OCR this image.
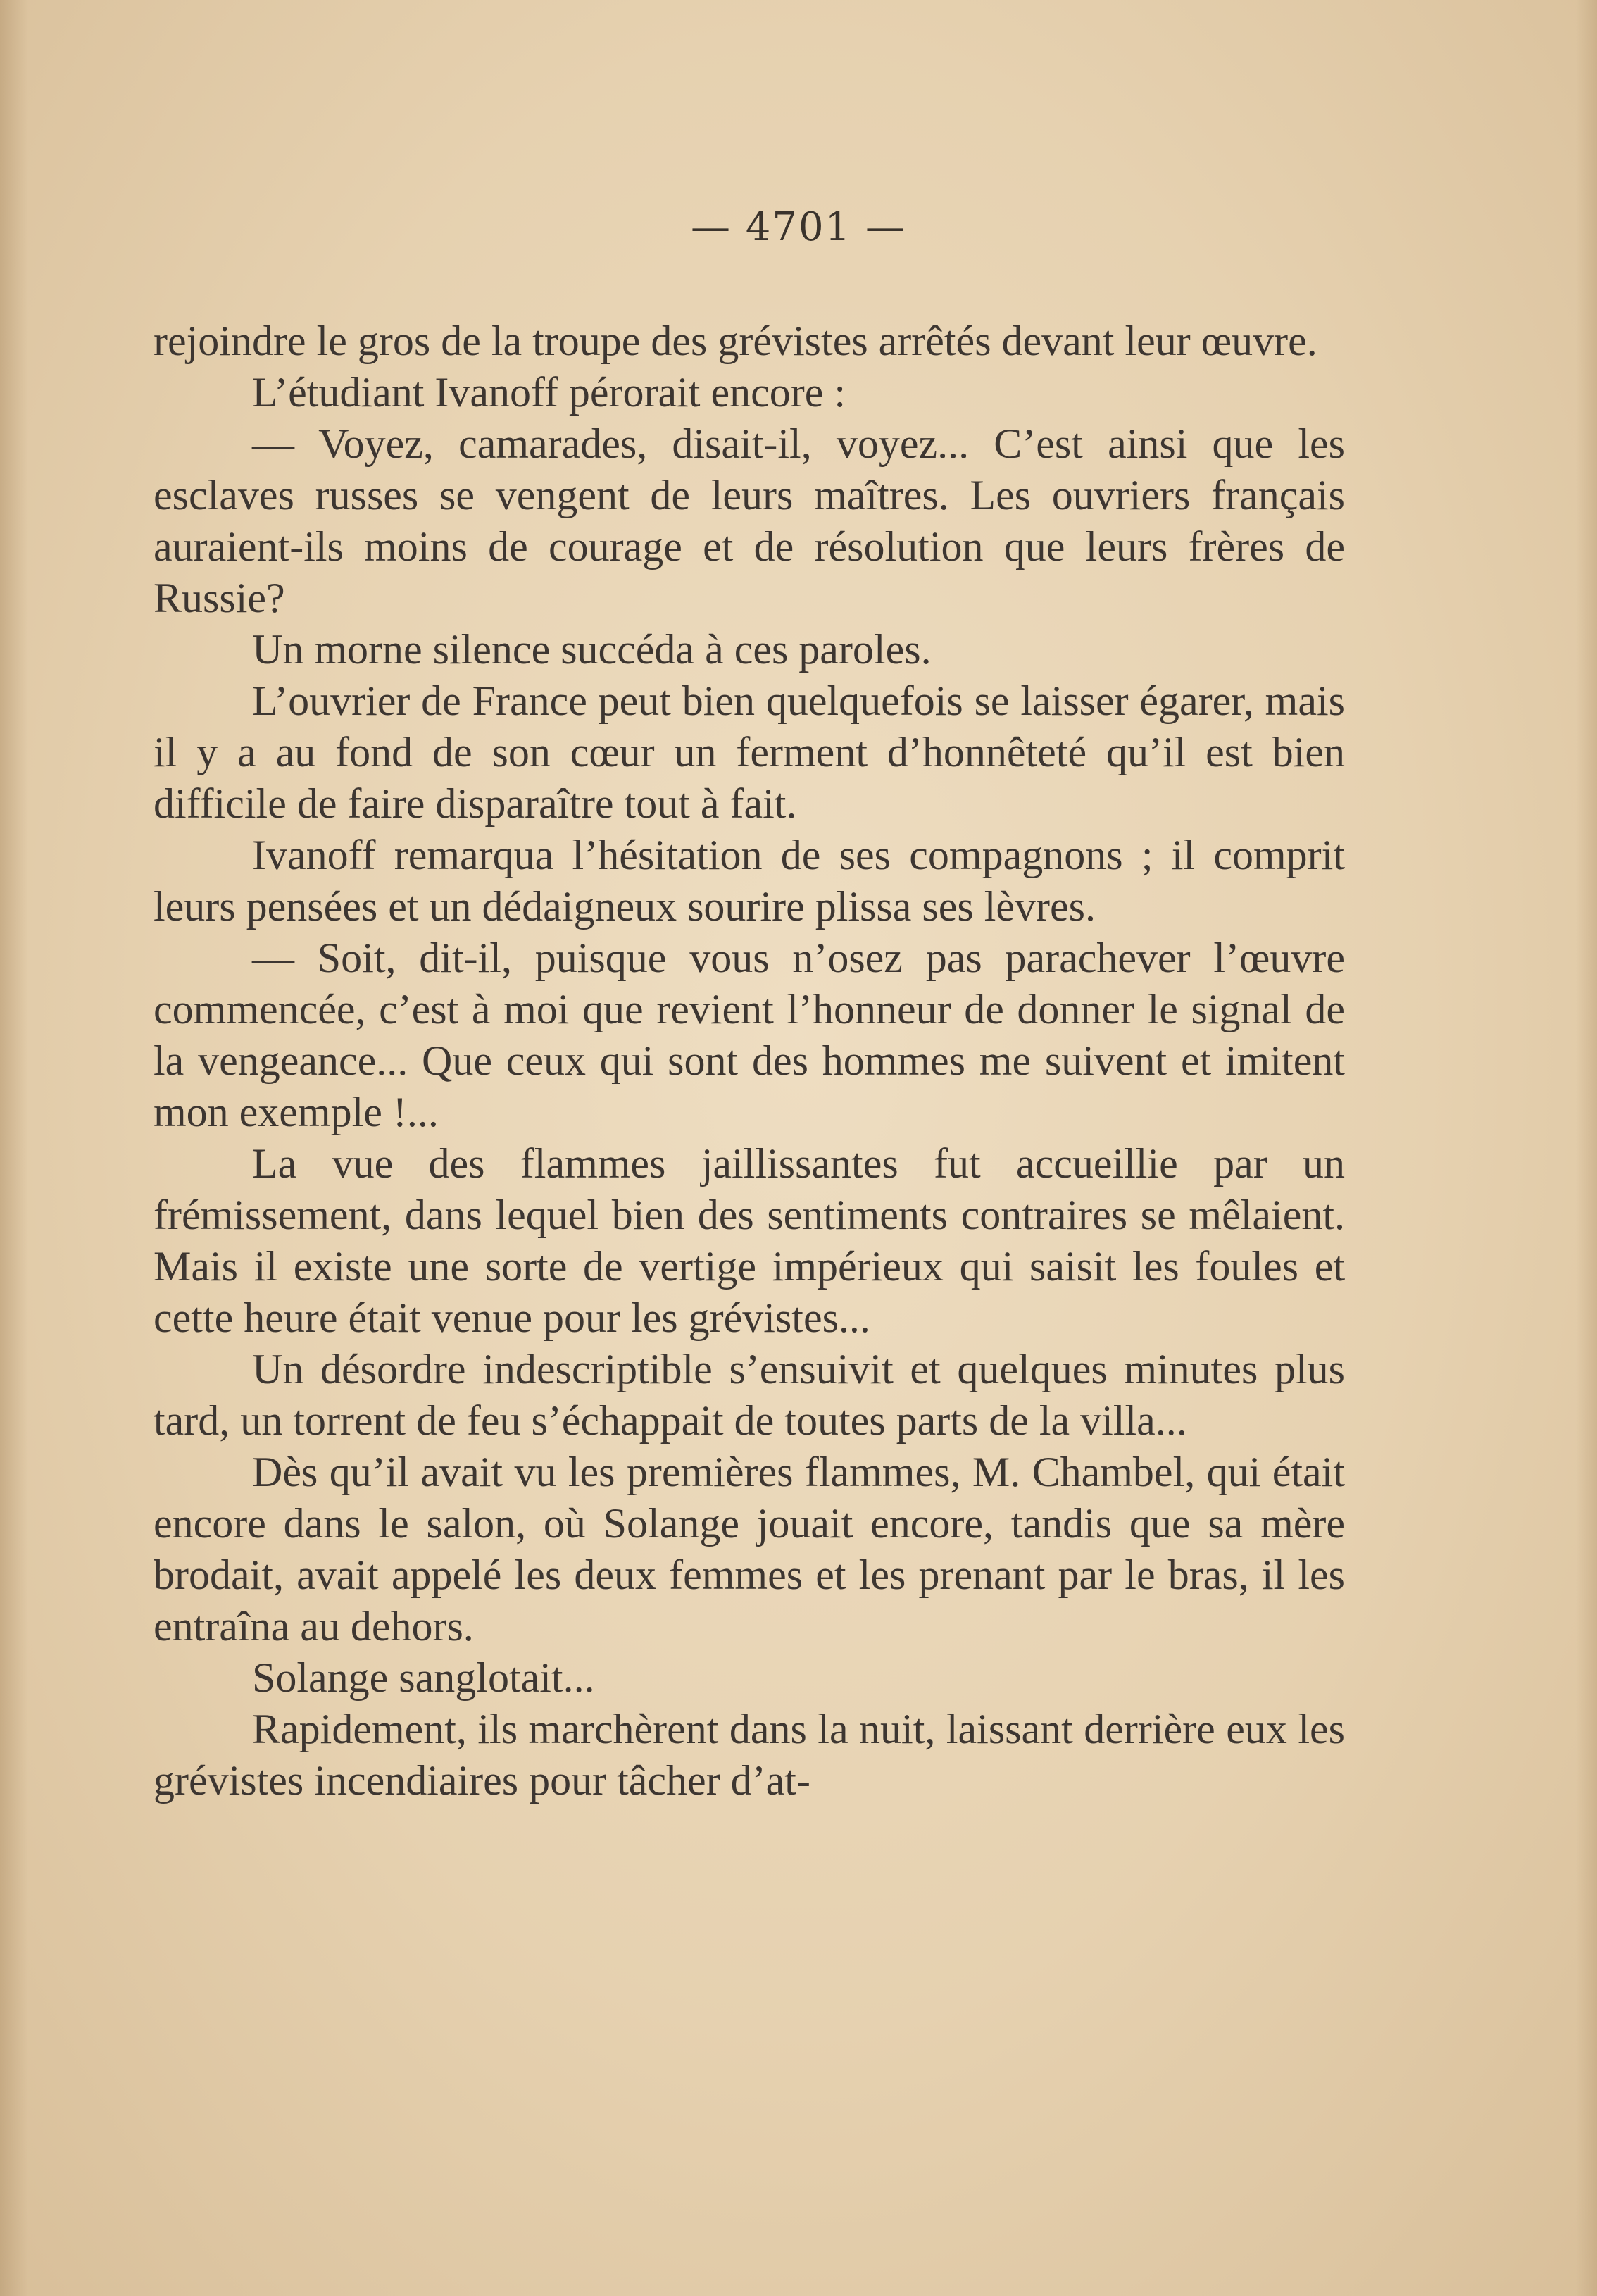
— 4701 —

rejoindre le gros de la troupe des grévistes arrêtés devant leur œuvre.

L’étudiant Ivanoff pérorait encore :

— Voyez, camarades, disait-il, voyez... C’est ainsi que les esclaves russes se vengent de leurs maîtres. Les ouvriers français auraient-ils moins de courage et de résolution que leurs frères de Russie?

Un morne silence succéda à ces paroles.

L’ouvrier de France peut bien quelquefois se laisser égarer, mais il y a au fond de son cœur un ferment d’honnêteté qu’il est bien difficile de faire disparaître tout à fait.

Ivanoff remarqua l’hésitation de ses compagnons ; il comprit leurs pensées et un dédaigneux sourire plissa ses lèvres.

— Soit, dit-il, puisque vous n’osez pas parachever l’œuvre commencée, c’est à moi que revient l’honneur de donner le signal de la vengeance... Que ceux qui sont des hommes me suivent et imitent mon exemple !...

La vue des flammes jaillissantes fut accueillie par un frémissement, dans lequel bien des sentiments contraires se mêlaient. Mais il existe une sorte de vertige impérieux qui saisit les foules et cette heure était venue pour les grévistes...

Un désordre indescriptible s’ensuivit et quelques minutes plus tard, un torrent de feu s’échappait de toutes parts de la villa...

Dès qu’il avait vu les premières flammes, M. Chambel, qui était encore dans le salon, où Solange jouait encore, tandis que sa mère brodait, avait appelé les deux femmes et les prenant par le bras, il les entraîna au dehors.

Solange sanglotait...

Rapidement, ils marchèrent dans la nuit, laissant derrière eux les grévistes incendiaires pour tâcher d’at-
